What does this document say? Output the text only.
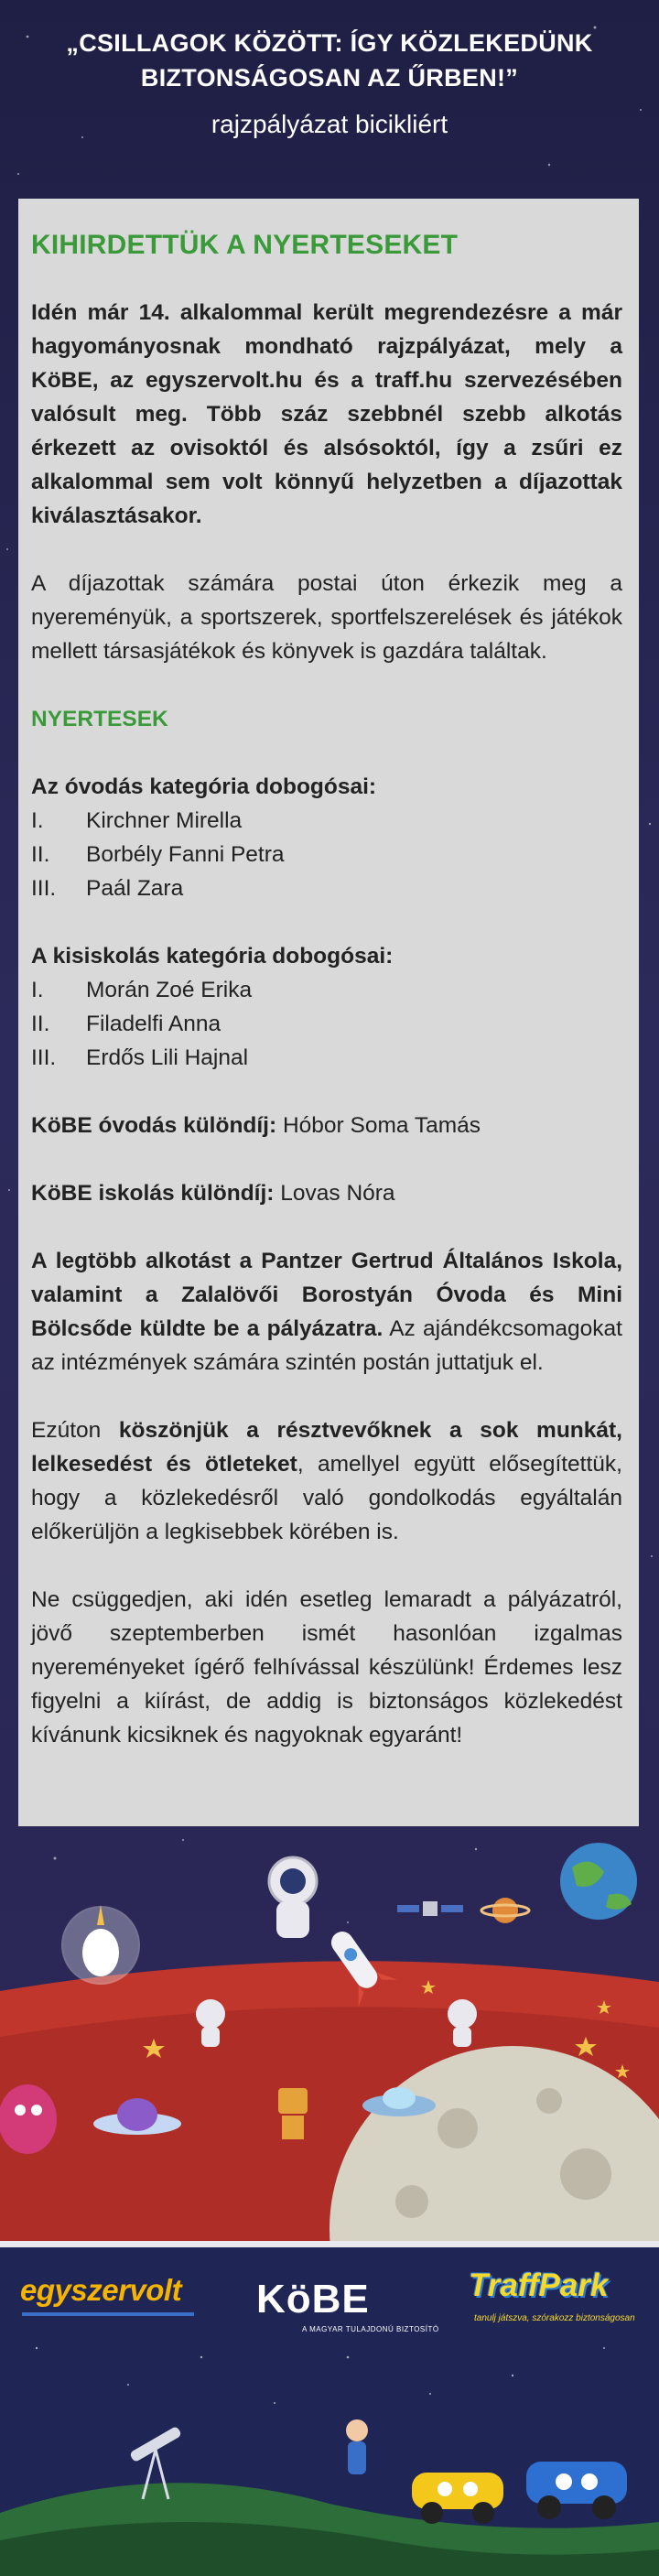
„CSILLAGOK KÖZÖTT: ÍGY KÖZLEKEDÜNK
BIZTONSÁGOSAN AZ ŰRBEN!”
rajzpályázat bicikliért
KIHIRDETTÜK A NYERTESEKET

Idén már 14. alkalommal került megrendezésre a már hagyományosnak mondható rajzpályázat, mely a KöBE, az egyszervolt.hu és a traff.hu szervezésében valósult meg. Több száz szebbnél szebb alkotás érkezett az ovisoktól és alsósoktól, így a zsűri ez alkalommal sem volt könnyű helyzetben a díjazottak kiválasztásakor.

A díjazottak számára postai úton érkezik meg a nyereményük, a sportszerek, sportfelszerelések és játékok mellett társasjátékok és könyvek is gazdára találtak.

NYERTESEK

Az óvodás kategória dobogósai:

I.	Kirchner Mirella
II.	Borbély Fanni Petra
III.	Paál Zara

A kisiskolás kategória dobogósai:

I.	Morán Zoé Erika
II.	Filadelfi Anna
III.	Erdős Lili Hajnal

KöBE óvodás különdíj: Hóbor Soma Tamás

KöBE iskolás különdíj: Lovas Nóra

A legtöbb alkotást a Pantzer Gertrud Általános Iskola, valamint a Zalalövői Borostyán Óvoda és Mini Bölcsőde küldte be a pályázatra. Az ajándékcsomagokat az intézmények számára szintén postán juttatjuk el.

Ezúton köszönjük a résztvevőknek a sok munkát, lelkesedést és ötleteket, amellyel együtt elősegítettük, hogy a közlekedésről való gondolkodás egyáltalán előkerüljön a legkisebbek körében is.

Ne csüggedjen, aki idén esetleg lemaradt a pályázatról, jövő szeptemberben ismét hasonlóan izgalmas nyereményeket ígérő felhívással készülünk! Érdemes lesz figyelni a kiírást, de addig is biztonságos közlekedést kívánunk kicsiknek és nagyoknak egyaránt!

egyszervolt KöBE
A MAGYAR TULAJDONÚ BIZTOSÍTÓ
TraffPark
tanulj játszva, szórakozz biztonságosan
